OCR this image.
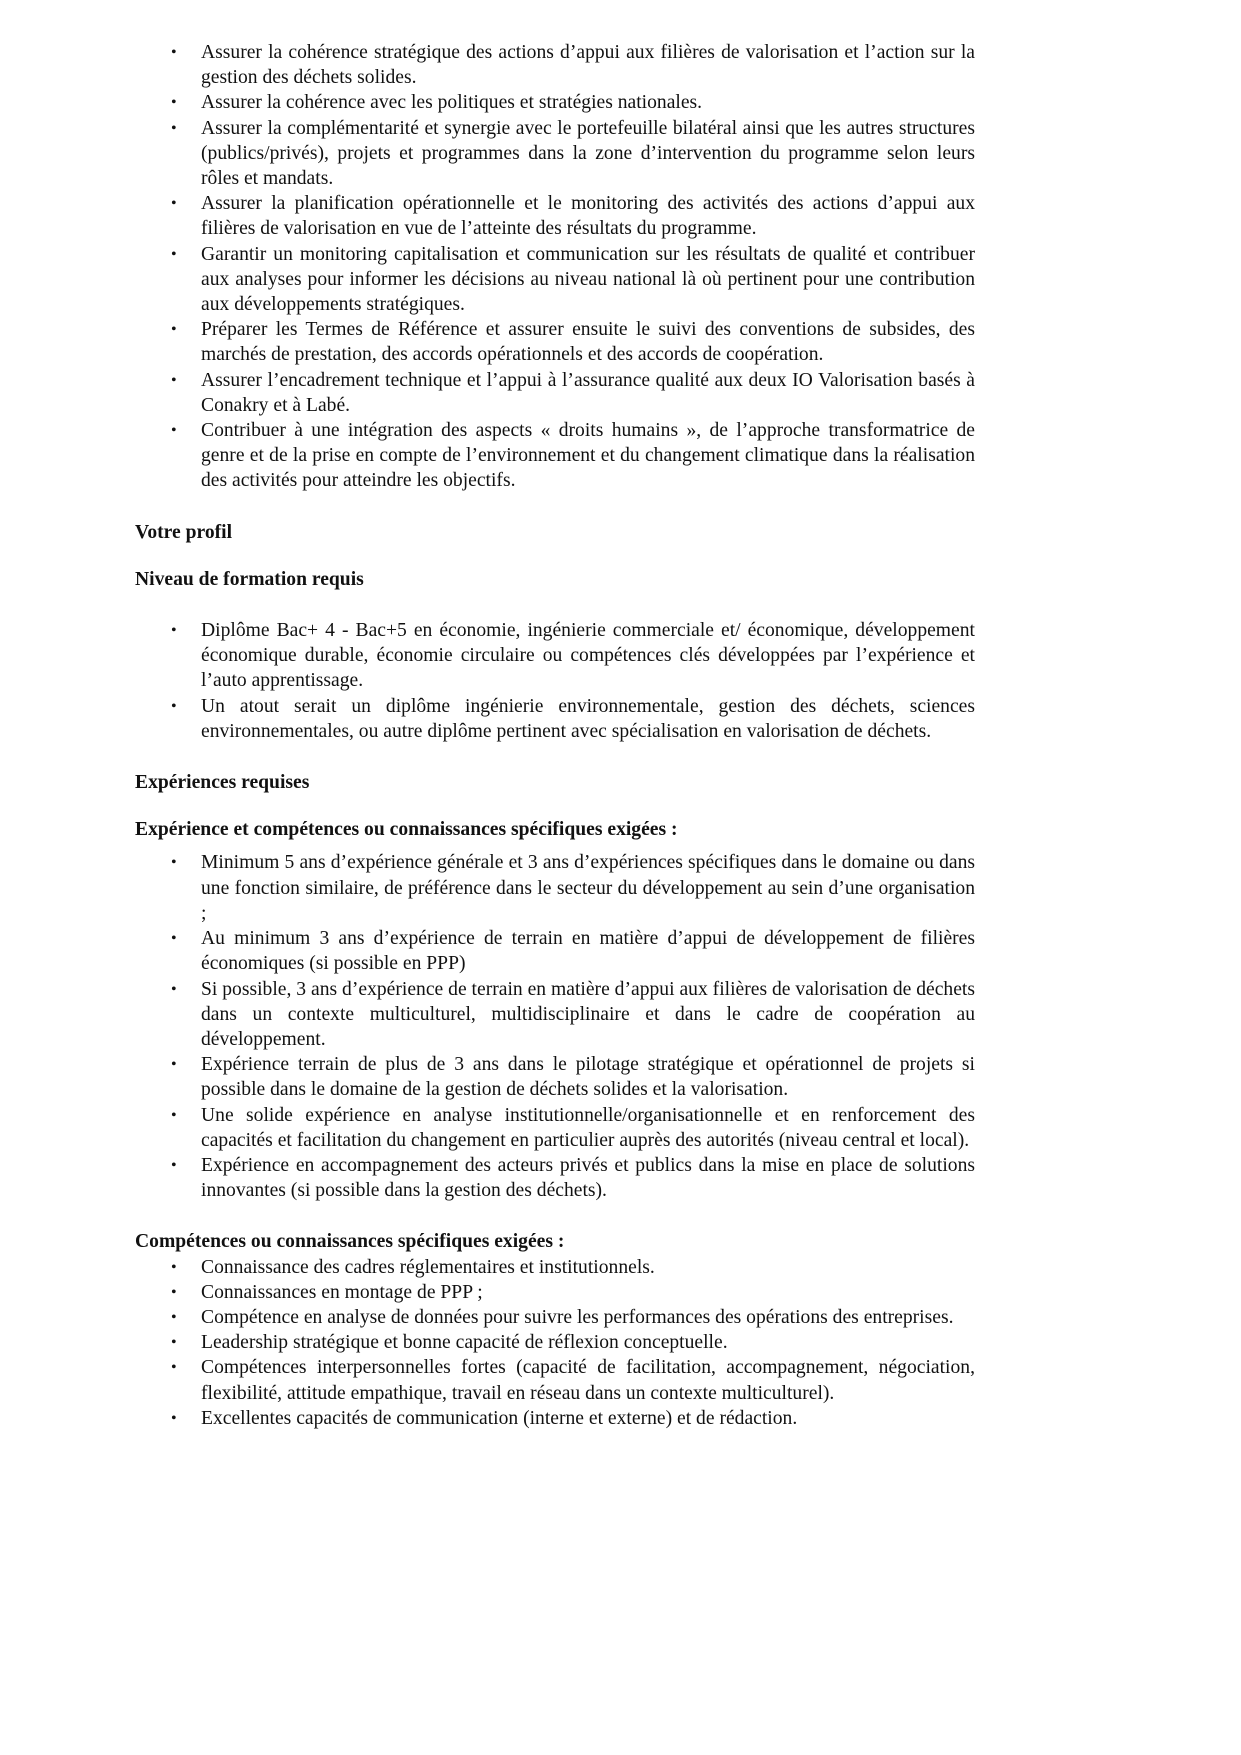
• Assurer la cohérence stratégique des actions d’appui aux filières de valorisation et l’action sur la gestion des déchets solides.
• Assurer la cohérence avec les politiques et stratégies nationales.
• Assurer la complémentarité et synergie avec le portefeuille bilatéral ainsi que les autres structures (publics/privés), projets et programmes dans la zone d’intervention du programme selon leurs rôles et mandats.
• Assurer la planification opérationnelle et le monitoring des activités des actions d’appui aux filières de valorisation en vue de l’atteinte des résultats du programme.
• Garantir un monitoring capitalisation et communication sur les résultats de qualité et contribuer aux analyses pour informer les décisions au niveau national là où pertinent pour une contribution aux développements stratégiques.
• Préparer les Termes de Référence et assurer ensuite le suivi des conventions de subsides, des marchés de prestation, des accords opérationnels et des accords de coopération.
• Assurer l’encadrement technique et l’appui à l’assurance qualité aux deux IO Valorisation basés à Conakry et à Labé.
• Contribuer à une intégration des aspects « droits humains », de l’approche transformatrice de genre et de la prise en compte de l’environnement et du changement climatique dans la réalisation des activités pour atteindre les objectifs.

Votre profil

Niveau de formation requis

• Diplôme Bac+ 4 - Bac+5 en économie, ingénierie commerciale et/ économique, développement économique durable, économie circulaire ou compétences clés développées par l’expérience et l’auto apprentissage.
• Un atout serait un diplôme ingénierie environnementale, gestion des déchets, sciences environnementales, ou autre diplôme pertinent avec spécialisation en valorisation de déchets.

Expériences requises

Expérience et compétences ou connaissances spécifiques exigées :

• Minimum 5 ans d’expérience générale et 3 ans d’expériences spécifiques dans le domaine ou dans une fonction similaire, de préférence dans le secteur du développement au sein d’une organisation ;
• Au minimum 3 ans d’expérience de terrain en matière d’appui de développement de filières économiques (si possible en PPP)
• Si possible, 3 ans d’expérience de terrain en matière d’appui aux filières de valorisation de déchets dans un contexte multiculturel, multidisciplinaire et dans le cadre de coopération au développement.
• Expérience terrain de plus de 3 ans dans le pilotage stratégique et opérationnel de projets si possible dans le domaine de la gestion de déchets solides et la valorisation.
• Une solide expérience en analyse institutionnelle/organisationnelle et en renforcement des capacités et facilitation du changement en particulier auprès des autorités (niveau central et local).
• Expérience en accompagnement des acteurs privés et publics dans la mise en place de solutions innovantes (si possible dans la gestion des déchets).

Compétences ou connaissances spécifiques exigées :

• Connaissance des cadres réglementaires et institutionnels.
• Connaissances en montage de PPP ;
• Compétence en analyse de données pour suivre les performances des opérations des entreprises.
• Leadership stratégique et bonne capacité de réflexion conceptuelle.
• Compétences interpersonnelles fortes (capacité de facilitation, accompagnement, négociation, flexibilité, attitude empathique, travail en réseau dans un contexte multiculturel).
• Excellentes capacités de communication (interne et externe) et de rédaction.
